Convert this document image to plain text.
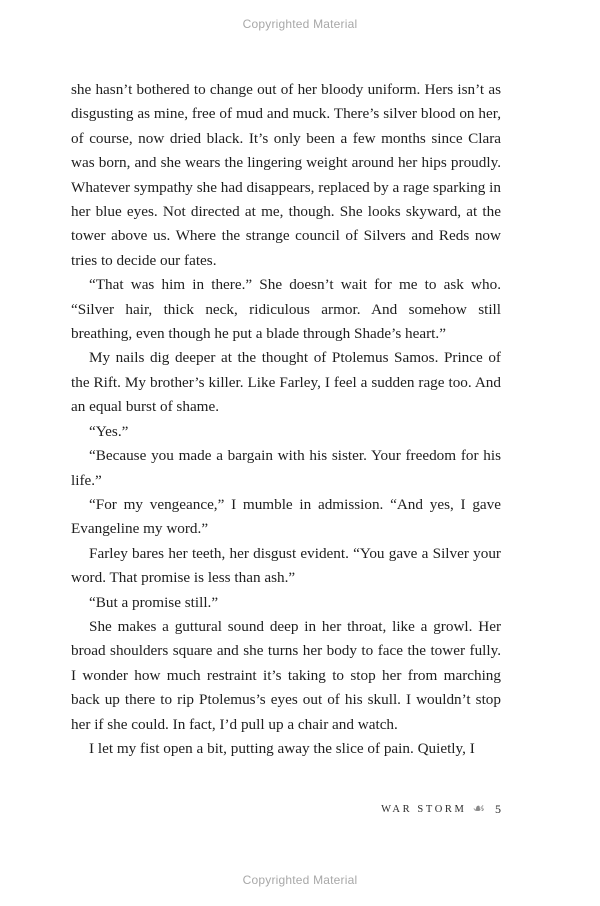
Copyrighted Material

she hasn’t bothered to change out of her bloody uniform. Hers isn’t as disgusting as mine, free of mud and muck. There’s silver blood on her, of course, now dried black. It’s only been a few months since Clara was born, and she wears the lingering weight around her hips proudly. Whatever sympathy she had disappears, replaced by a rage sparking in her blue eyes. Not directed at me, though. She looks skyward, at the tower above us. Where the strange council of Silvers and Reds now tries to decide our fates.

“That was him in there.” She doesn’t wait for me to ask who. “Silver hair, thick neck, ridiculous armor. And somehow still breathing, even though he put a blade through Shade’s heart.”

My nails dig deeper at the thought of Ptolemus Samos. Prince of the Rift. My brother’s killer. Like Farley, I feel a sudden rage too. And an equal burst of shame.

“Yes.”

“Because you made a bargain with his sister. Your freedom for his life.”

“For my vengeance,” I mumble in admission. “And yes, I gave Evangeline my word.”

Farley bares her teeth, her disgust evident. “You gave a Silver your word. That promise is less than ash.”

“But a promise still.”

She makes a guttural sound deep in her throat, like a growl. Her broad shoulders square and she turns her body to face the tower fully. I wonder how much restraint it’s taking to stop her from marching back up there to rip Ptolemus’s eyes out of his skull. I wouldn’t stop her if she could. In fact, I’d pull up a chair and watch.

I let my fist open a bit, putting away the slice of pain. Quietly, I

WAR STORM ☙ 5
Copyrighted Material
